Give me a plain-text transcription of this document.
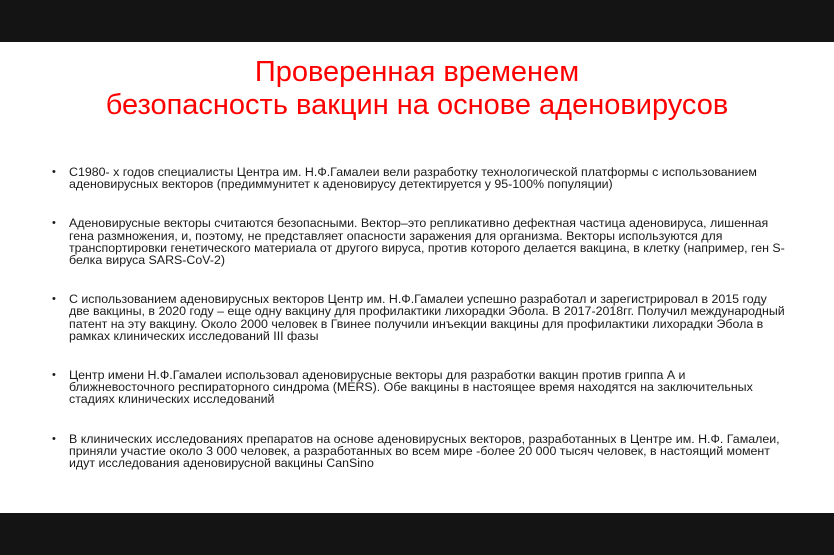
Проверенная временем
безопасность вакцин на основе аденовирусов
• С1980- х годов специалисты Центра им. Н.Ф.Гамалеи вели разработку технологической платформы с использованием аденовирусных векторов (предиммунитет к аденовирусу детектируется у 95-100% популяции)
• Аденовирусные векторы считаются безопасными. Вектор–это репликативно дефектная частица аденовируса, лишенная гена размножения, и, поэтому, не представляет опасности заражения для организма. Векторы используются для транспортировки генетического материала от другого вируса, против которого делается вакцина, в клетку (например, ген S-белка вируса SARS-CoV-2)
• С использованием аденовирусных векторов Центр им. Н.Ф.Гамалеи успешно разработал и зарегистрировал в 2015 году две вакцины, в 2020 году – еще одну вакцину для профилактики лихорадки Эбола. В 2017-2018гг. Получил международный патент на эту вакцину. Около 2000 человек в Гвинее получили инъекции вакцины для профилактики лихорадки Эбола в рамках клинических исследований III фазы
• Центр имени Н.Ф.Гамалеи использовал аденовирусные векторы для разработки вакцин против гриппа А и ближневосточного респираторного синдрома (MERS). Обе вакцины в настоящее время находятся на заключительных стадиях клинических исследований
• В клинических исследованиях препаратов на основе аденовирусных векторов, разработанных в Центре им. Н.Ф. Гамалеи, приняли участие около 3 000 человек, а разработанных во всем мире -более 20 000 тысяч человек, в настоящий момент идут исследования аденовирусной вакцины CanSino
